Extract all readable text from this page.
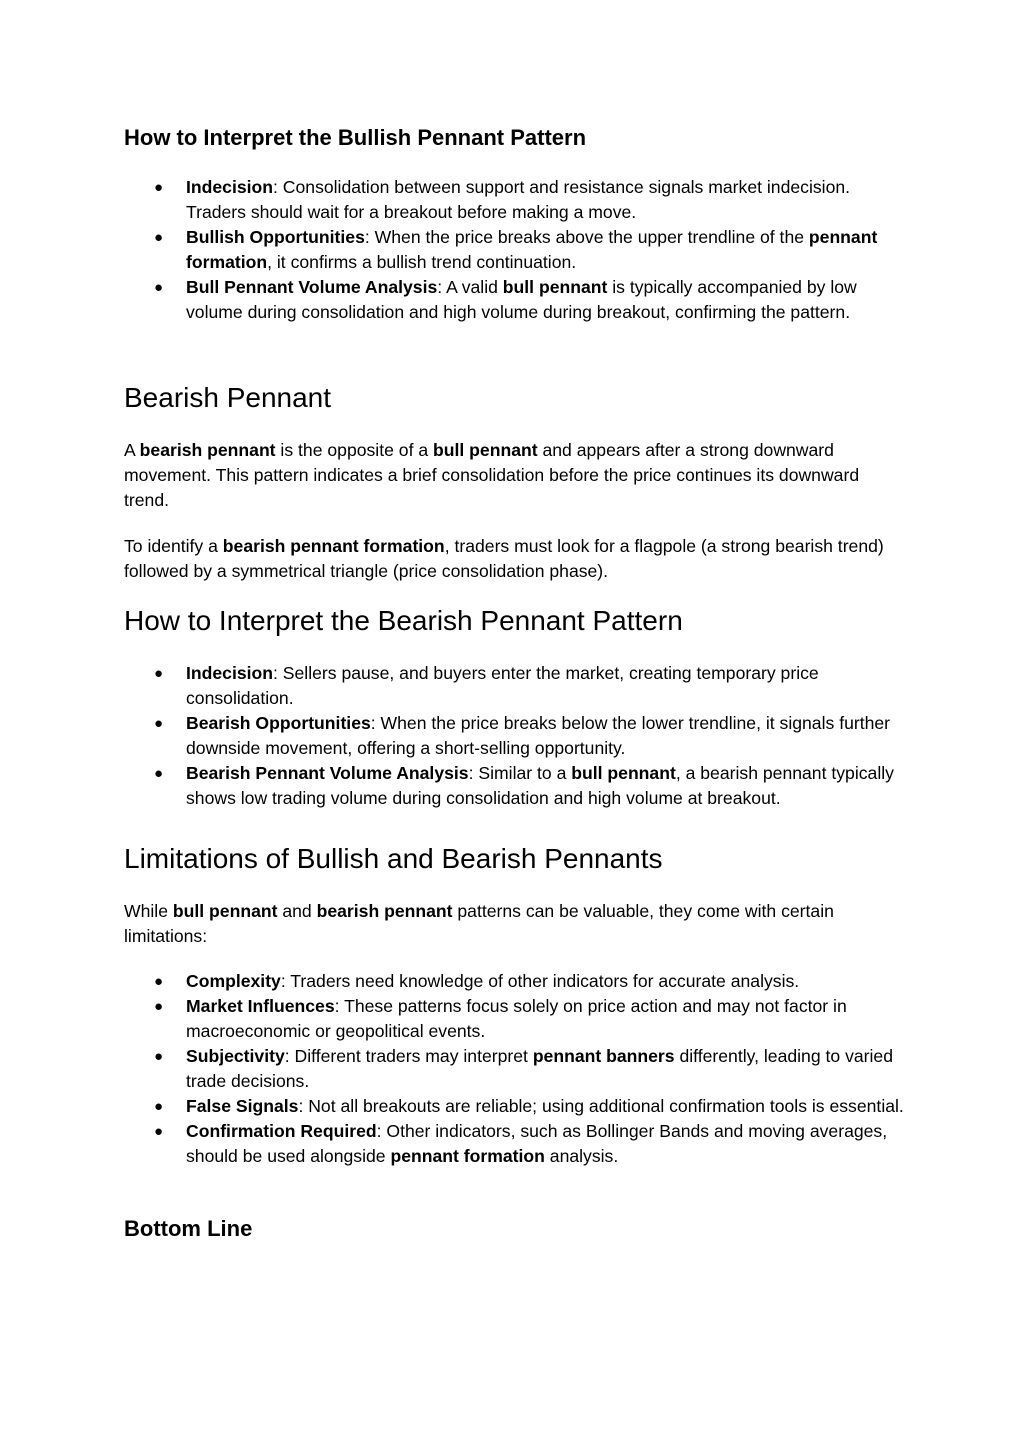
How to Interpret the Bullish Pennant Pattern
● Indecision: Consolidation between support and resistance signals market indecision. Traders should wait for a breakout before making a move.
● Bullish Opportunities: When the price breaks above the upper trendline of the pennant formation, it confirms a bullish trend continuation.
● Bull Pennant Volume Analysis: A valid bull pennant is typically accompanied by low volume during consolidation and high volume during breakout, confirming the pattern.
Bearish Pennant

A bearish pennant is the opposite of a bull pennant and appears after a strong downward movement. This pattern indicates a brief consolidation before the price continues its downward trend.

To identify a bearish pennant formation, traders must look for a flagpole (a strong bearish trend) followed by a symmetrical triangle (price consolidation phase).

How to Interpret the Bearish Pennant Pattern
● Indecision: Sellers pause, and buyers enter the market, creating temporary price consolidation.
● Bearish Opportunities: When the price breaks below the lower trendline, it signals further downside movement, offering a short-selling opportunity.
● Bearish Pennant Volume Analysis: Similar to a bull pennant, a bearish pennant typically shows low trading volume during consolidation and high volume at breakout.
Limitations of Bullish and Bearish Pennants

While bull pennant and bearish pennant patterns can be valuable, they come with certain limitations:

● Complexity: Traders need knowledge of other indicators for accurate analysis.
● Market Influences: These patterns focus solely on price action and may not factor in macroeconomic or geopolitical events.
● Subjectivity: Different traders may interpret pennant banners differently, leading to varied trade decisions.
● False Signals: Not all breakouts are reliable; using additional confirmation tools is essential.
● Confirmation Required: Other indicators, such as Bollinger Bands and moving averages, should be used alongside pennant formation analysis.
Bottom Line
